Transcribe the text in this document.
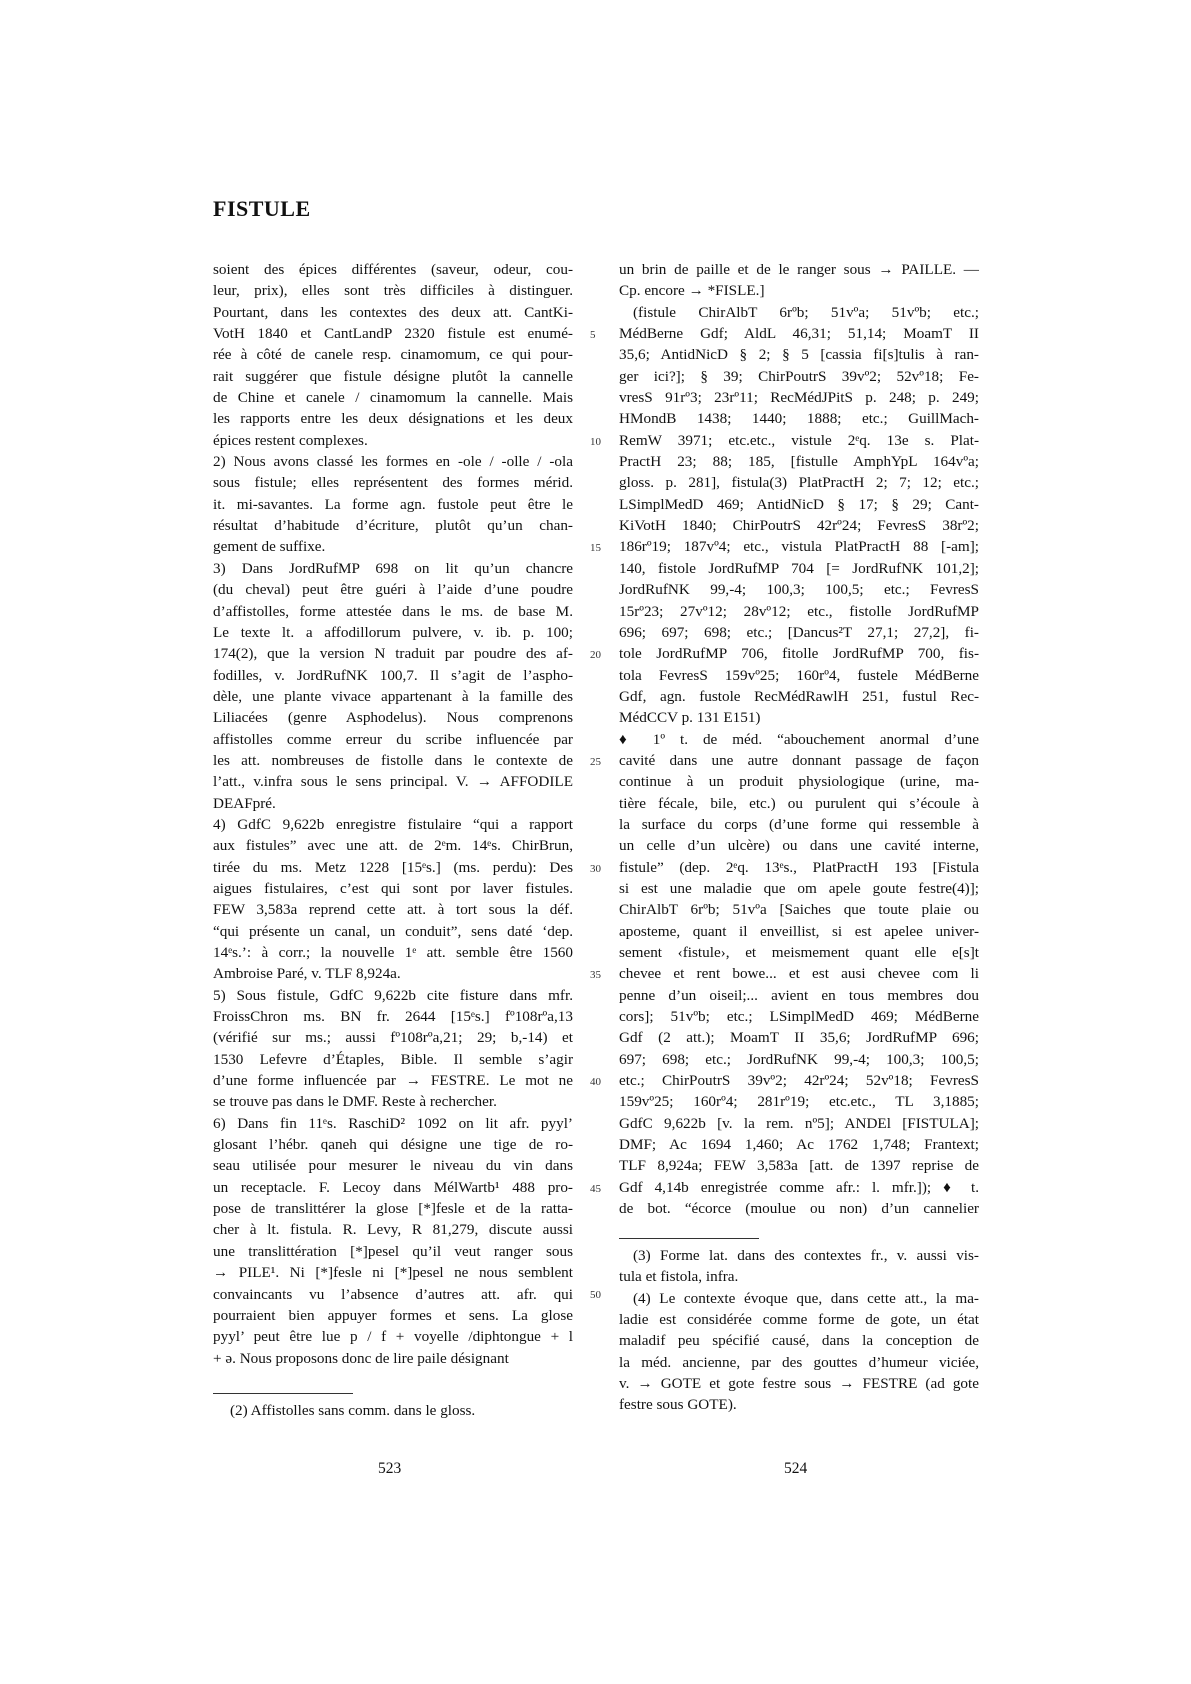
FISTULE
soient des épices différentes (saveur, odeur, cou-
leur, prix), elles sont très difficiles à distinguer.
Pourtant, dans les contextes des deux att. CantKi-
VotH 1840 et CantLandP 2320 fistule est enumé-
rée à côté de canele resp. cinamomum, ce qui pour-
rait suggérer que fistule désigne plutôt la cannelle
de Chine et canele / cinamomum la cannelle. Mais
les rapports entre les deux désignations et les deux
épices restent complexes.
2) Nous avons classé les formes en -ole / -olle / -ola
sous fistule; elles représentent des formes mérid.
it. mi-savantes. La forme agn. fustole peut être le
résultat d’habitude d’écriture, plutôt qu’un chan-
gement de suffixe.
3) Dans JordRufMP 698 on lit qu’un chancre
(du cheval) peut être guéri à l’aide d’une poudre
d’affistolles, forme attestée dans le ms. de base M.
Le texte lt. a affodillorum pulvere, v. ib. p. 100;
174(2), que la version N traduit par poudre des af-
fodilles, v. JordRufNK 100,7. Il s’agit de l’aspho-
dèle, une plante vivace appartenant à la famille des
Liliacées (genre Asphodelus). Nous comprenons
affistolles comme erreur du scribe influencée par
les att. nombreuses de fistolle dans le contexte de
l’att., v.infra sous le sens principal. V. → AFFODILE
DEAFpré.
4) GdfC 9,622b enregistre fistulaire “qui a rapport
aux fistules” avec une att. de 2ᵉm. 14ᵉs. ChirBrun,
tirée du ms. Metz 1228 [15ᵉs.] (ms. perdu): Des
aigues fistulaires, c’est qui sont por laver fistules.
FEW 3,583a reprend cette att. à tort sous la déf.
“qui présente un canal, un conduit”, sens daté ‘dep.
14ᵉs.’: à corr.; la nouvelle 1ᵉ att. semble être 1560
Ambroise Paré, v. TLF 8,924a.
5) Sous fistule, GdfC 9,622b cite fisture dans mfr.
FroissChron ms. BN fr. 2644 [15ᵉs.] fº108rºa,13
(vérifié sur ms.; aussi fº108rºa,21; 29; b,-14) et
1530 Lefevre d’Étaples, Bible. Il semble s’agir
d’une forme influencée par → FESTRE. Le mot ne
se trouve pas dans le DMF. Reste à rechercher.
6) Dans fin 11ᵉs. RaschiD² 1092 on lit afr. pyyl’
glosant l’hébr. qaneh qui désigne une tige de ro-
seau utilisée pour mesurer le niveau du vin dans
un receptacle. F. Lecoy dans MélWartb¹ 488 pro-
pose de translittérer la glose [*]fesle et de la ratta-
cher à lt. fistula. R. Levy, R 81,279, discute aussi
une translittération [*]pesel qu’il veut ranger sous
→ PILE¹. Ni [*]fesle ni [*]pesel ne nous semblent
convaincants vu l’absence d’autres att. afr. qui
pourraient bien appuyer formes et sens. La glose
pyyl’ peut être lue p / f + voyelle /diphtongue + l
+ ə. Nous proposons donc de lire paile désignant
(2) Affistolles sans comm. dans le gloss.
523
un brin de paille et de le ranger sous → PAILLE. —
Cp. encore → *FISLE.]
(fistule ChirAlbT 6rºb; 51vºa; 51vºb; etc.;
MédBerne Gdf; AldL 46,31; 51,14; MoamT II
35,6; AntidNicD § 2; § 5 [cassia fi[s]tulis à ran-
ger ici?]; § 39; ChirPoutrS 39vº2; 52vº18; Fe-
vresS 91rº3; 23rº11; RecMédJPitS p. 248; p. 249;
HMondB 1438; 1440; 1888; etc.; GuillMach-
RemW 3971; etc.etc., vistule 2ᵉq. 13e s. Plat-
PractH 23; 88; 185, [fistulle AmphYpL 164vºa;
gloss. p. 281], fistula(3) PlatPractH 2; 7; 12; etc.;
LSimplMedD 469; AntidNicD § 17; § 29; Cant-
KiVotH 1840; ChirPoutrS 42rº24; FevresS 38rº2;
186rº19; 187vº4; etc., vistula PlatPractH 88 [-am];
140, fistole JordRufMP 704 [= JordRufNK 101,2];
JordRufNK 99,-4; 100,3; 100,5; etc.; FevresS
15rº23; 27vº12; 28vº12; etc., fistolle JordRufMP
696; 697; 698; etc.; [Dancus²T 27,1; 27,2], fi-
tole JordRufMP 706, fitolle JordRufMP 700, fis-
tola FevresS 159vº25; 160rº4, fustele MédBerne
Gdf, agn. fustole RecMédRawlH 251, fustul Rec-
MédCCV p. 131 E151)
♦ 1º t. de méd. “abouchement anormal d’une
cavité dans une autre donnant passage de façon
continue à un produit physiologique (urine, ma-
tière fécale, bile, etc.) ou purulent qui s’écoule à
la surface du corps (d’une forme qui ressemble à
un celle d’un ulcère) ou dans une cavité interne,
fistule” (dep. 2ᵉq. 13ᵉs., PlatPractH 193 [Fistula
si est une maladie que om apele goute festre(4)];
ChirAlbT 6rºb; 51vºa [Saiches que toute plaie ou
aposteme, quant il enveillist, si est apelee univer-
sement ‹fistule›, et meismement quant elle e[s]t
chevee et rent bowe... et est ausi chevee com li
penne d’un oiseil;... avient en tous membres dou
cors]; 51vºb; etc.; LSimplMedD 469; MédBerne
Gdf (2 att.); MoamT II 35,6; JordRufMP 696;
697; 698; etc.; JordRufNK 99,-4; 100,3; 100,5;
etc.; ChirPoutrS 39vº2; 42rº24; 52vº18; FevresS
159vº25; 160rº4; 281rº19; etc.etc., TL 3,1885;
GdfC 9,622b [v. la rem. nº5]; ANDEl [FISTULA];
DMF; Ac 1694 1,460; Ac 1762 1,748; Frantext;
TLF 8,924a; FEW 3,583a [att. de 1397 reprise de
Gdf 4,14b enregistrée comme afr.: l. mfr.]); ♦ t.
de bot. “écorce (moulue ou non) d’un cannelier
(3) Forme lat. dans des contextes fr., v. aussi vis-
tula et fistola, infra.
(4) Le contexte évoque que, dans cette att., la ma-
ladie est considérée comme forme de gote, un état
maladif peu spécifié causé, dans la conception de
la méd. ancienne, par des gouttes d’humeur viciée,
v. → GOTE et gote festre sous → FESTRE (ad gote
festre sous GOTE).
524
5
10
15
20
25
30
35
40
45
50
